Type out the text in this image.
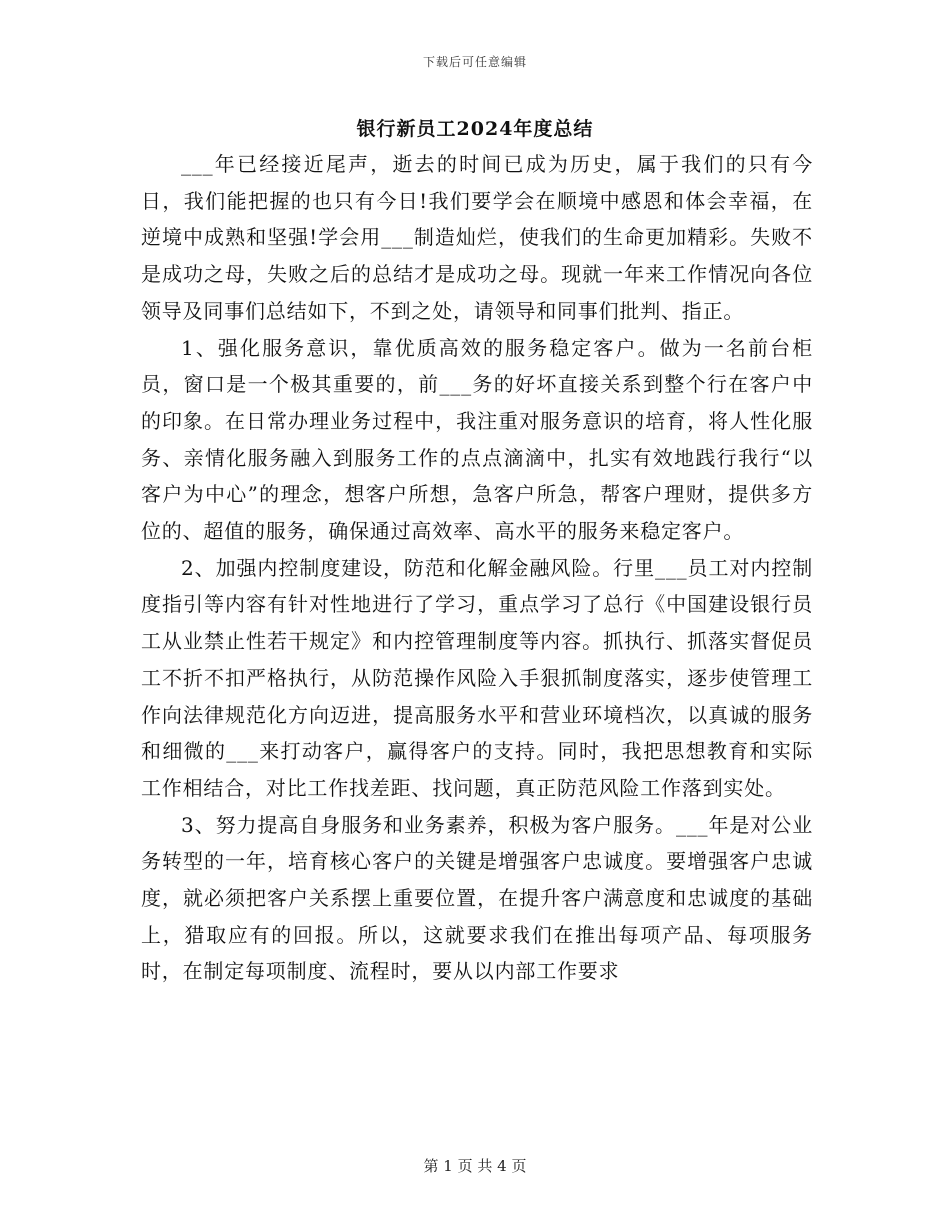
下载后可任意编辑
银行新员工2024年度总结

___年已经接近尾声，逝去的时间已成为历史，属于我们的只有今日，我们能把握的也只有今日!我们要学会在顺境中感恩和体会幸福，在逆境中成熟和坚强!学会用___制造灿烂，使我们的生命更加精彩。失败不是成功之母，失败之后的总结才是成功之母。现就一年来工作情况向各位领导及同事们总结如下，不到之处，请领导和同事们批判、指正。

1、强化服务意识，靠优质高效的服务稳定客户。做为一名前台柜员，窗口是一个极其重要的，前___务的好坏直接关系到整个行在客户中的印象。在日常办理业务过程中，我注重对服务意识的培育，将人性化服务、亲情化服务融入到服务工作的点点滴滴中，扎实有效地践行我行“以客户为中心”的理念，想客户所想，急客户所急，帮客户理财，提供多方位的、超值的服务，确保通过高效率、高水平的服务来稳定客户。

2、加强内控制度建设，防范和化解金融风险。行里___员工对内控制度指引等内容有针对性地进行了学习，重点学习了总行《中国建设银行员工从业禁止性若干规定》和内控管理制度等内容。抓执行、抓落实督促员工不折不扣严格执行，从防范操作风险入手狠抓制度落实，逐步使管理工作向法律规范化方向迈进，提高服务水平和营业环境档次，以真诚的服务和细微的___来打动客户，赢得客户的支持。同时，我把思想教育和实际工作相结合，对比工作找差距、找问题，真正防范风险工作落到实处。

3、努力提高自身服务和业务素养，积极为客户服务。___年是对公业务转型的一年，培育核心客户的关键是增强客户忠诚度。要增强客户忠诚度，就必须把客户关系摆上重要位置，在提升客户满意度和忠诚度的基础上，猎取应有的回报。所以，这就要求我们在推出每项产品、每项服务时，在制定每项制度、流程时，要从以内部工作要求

第 1 页 共 4 页
